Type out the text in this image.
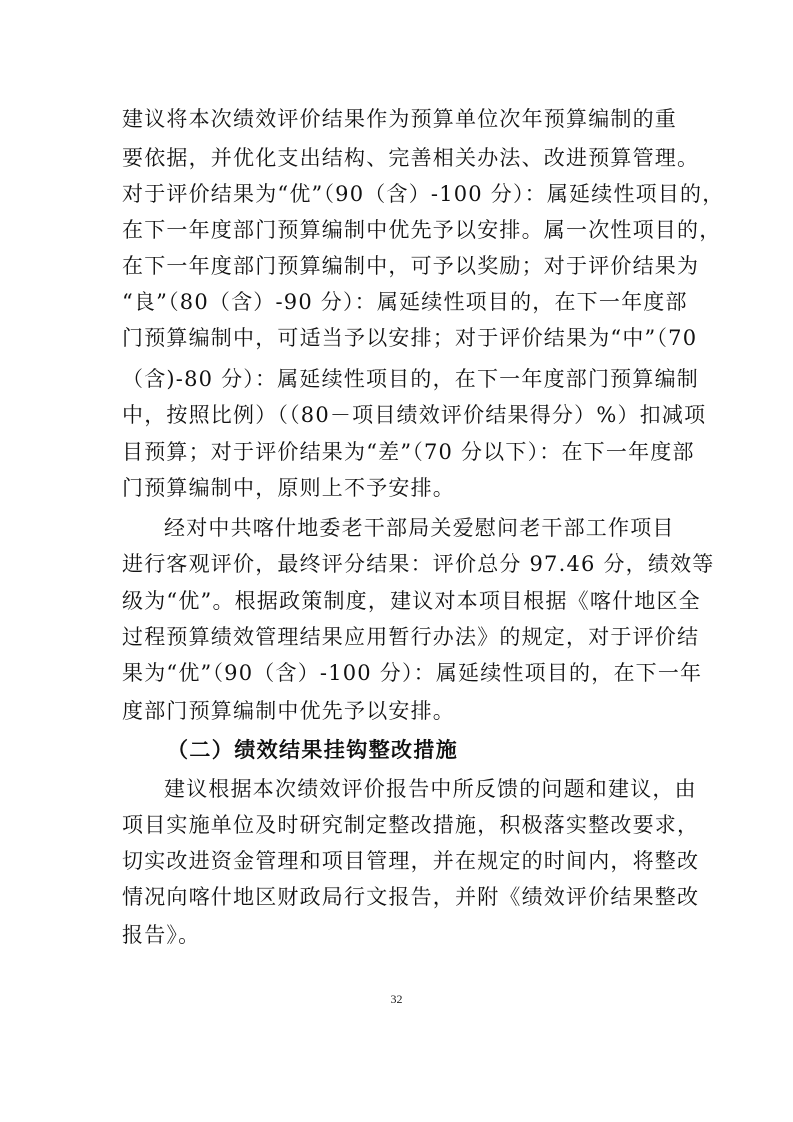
建议将本次绩效评价结果作为预算单位次年预算编制的重
要依据，并优化支出结构、完善相关办法、改进预算管理。
对于评价结果为“优”（90（含）-100 分）：属延续性项目的，
在下一年度部门预算编制中优先予以安排。属一次性项目的，
在下一年度部门预算编制中，可予以奖励；对于评价结果为
“良”（80（含）-90 分）：属延续性项目的，在下一年度部
门预算编制中，可适当予以安排；对于评价结果为“中”（70
（含)-80 分）：属延续性项目的，在下一年度部门预算编制
中，按照比例）（（80－项目绩效评价结果得分）%）扣减项
目预算；对于评价结果为“差”（70 分以下）：在下一年度部
门预算编制中，原则上不予安排。
经对中共喀什地委老干部局关爱慰问老干部工作项目
进行客观评价，最终评分结果：评价总分 97.46 分，绩效等
级为“优”。根据政策制度，建议对本项目根据《喀什地区全
过程预算绩效管理结果应用暂行办法》的规定，对于评价结
果为“优”（90（含）-100 分）：属延续性项目的，在下一年
度部门预算编制中优先予以安排。
（二）绩效结果挂钩整改措施
建议根据本次绩效评价报告中所反馈的问题和建议，由
项目实施单位及时研究制定整改措施，积极落实整改要求，
切实改进资金管理和项目管理，并在规定的时间内，将整改
情况向喀什地区财政局行文报告，并附《绩效评价结果整改
报告》。
32
